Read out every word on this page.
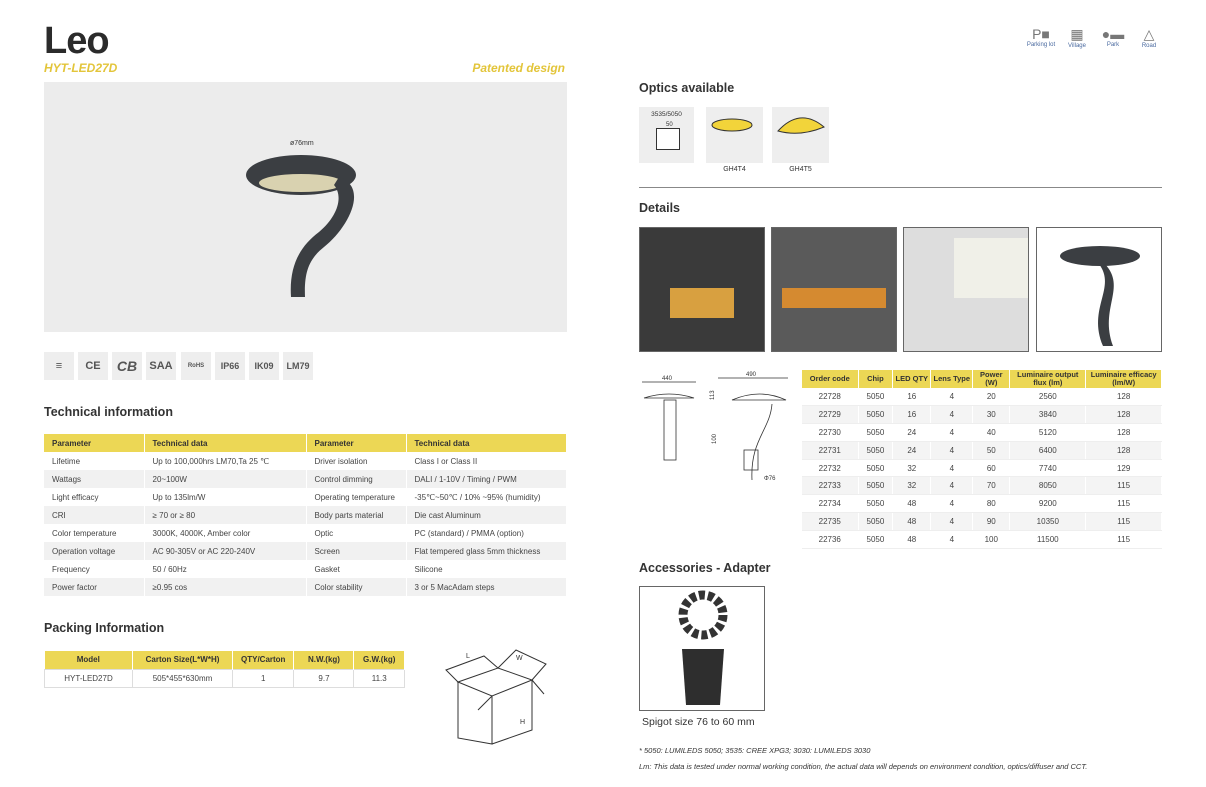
Leo
HYT-LED27D	Patented design
P■
Parking lot
▦
Village
●▬
Park
△
Road
ø76mm
≡	CE	CB	SAA	RoHS	IP66	IK09	LM79
Technical information
Parameter	Technical data	Parameter	Technical data
Lifetime	Up to 100,000hrs LM70,Ta 25 ℃	Driver isolation	Class I or Class II
Wattags	20~100W	Control dimming	DALI / 1-10V / Timing / PWM
Light efficacy	Up to 135lm/W	Operating temperature	-35℃~50℃ / 10% ~95% (humidity)
CRI	≥ 70 or ≥ 80	Body parts material	Die cast Aluminum
Color temperature	3000K, 4000K, Amber color	Optic	PC (standard) / PMMA (option)
Operation voltage	AC 90-305V or AC 220-240V	Screen	Flat tempered glass 5mm thickness
Frequency	50 / 60Hz	Gasket	Silicone
Power factor	≥0.95 cos	Color stability	3 or 5 MacAdam steps
Packing Information
Model	Carton Size(L*W*H)	QTY/Carton	N.W.(kg)	G.W.(kg)
HYT-LED27D	505*455*630mm	1	9.7	11.3
L	W
H
Optics available
3535/5050
50
GH4T4	GH4T5
Details
440
490
113
100
Φ76
Order code	Chip	LED QTY	Lens Type	Power (W)	Luminaire output flux (lm)	Luminaire efficacy (lm/W)
22728	5050	16	4	20	2560	128
22729	5050	16	4	30	3840	128
22730	5050	24	4	40	5120	128
22731	5050	24	4	50	6400	128
22732	5050	32	4	60	7740	129
22733	5050	32	4	70	8050	115
22734	5050	48	4	80	9200	115
22735	5050	48	4	90	10350	115
22736	5050	48	4	100	11500	115
Accessories - Adapter
Spigot size 76 to 60 mm
* 5050: LUMILEDS 5050; 3535: CREE XPG3; 3030: LUMILEDS 3030
Lm: This data is tested under normal working condition, the actual data will depends on environment condition, optics/diffuser and CCT.
